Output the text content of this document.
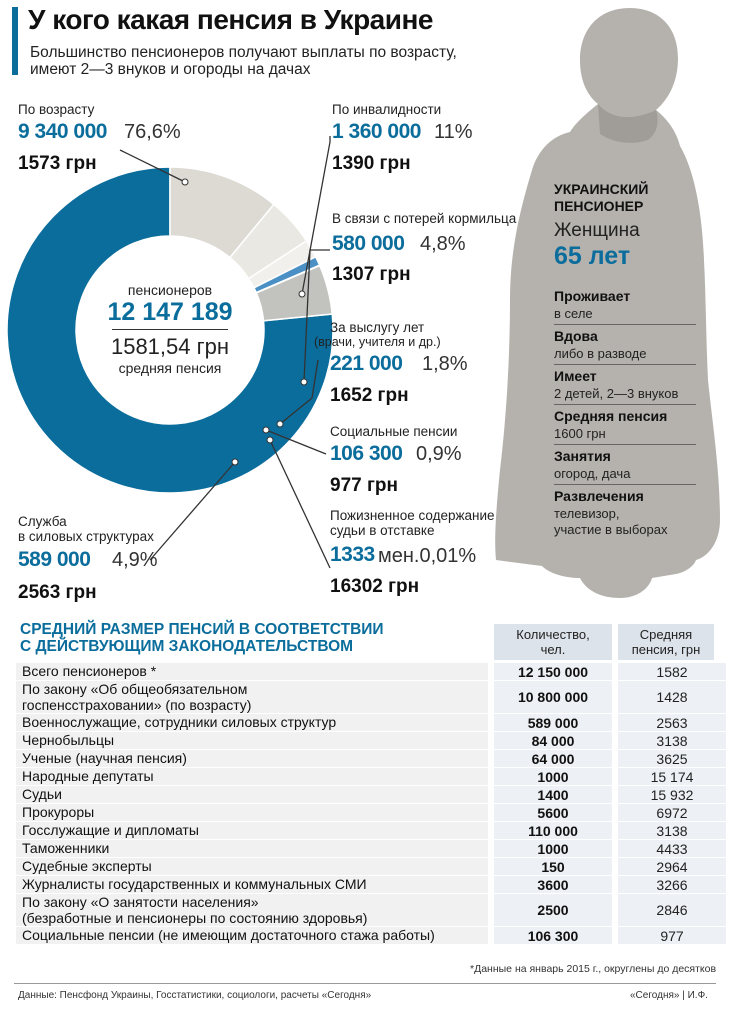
У кого какая пенсия в Украине
Большинство пенсионеров получают выплаты по возрасту, имеют 2—3 внуков и огороды на дачах
УКРАИНСКИЙ
ПЕНСИОНЕР
Женщина
65 лет
Проживает
в селе
Вдова
либо в разводе
Имеет
2 детей, 2—3 внуков
Средняя пенсия
1600 грн
Занятия
огород, дача
Развлечения
телевизор,
участие в выборах
пенсионеров
12 147 189
1581,54 грн
средняя пенсия
По возрасту
9 340 000 76,6%
1573 грн
По инвалидности
1 360 000 11%
1390 грн
В связи с потерей кормильца
580 000 4,8%
1307 грн
За выслугу лет
(врачи, учителя и др.)
221 000 1,8%
1652 грн
Социальные пенсии
106 300 0,9%
977 грн
Пожизненное содержание
судьи в отставке
1333 мен.0,01%
16302 грн
Служба
в силовых структурах
589 000 4,9%
2563 грн
СРЕДНИЙ РАЗМЕР ПЕНСИЙ В СООТВЕТСТВИИ
С ДЕЙСТВУЮЩИМ ЗАКОНОДАТЕЛЬСТВОМ
Количество,
чел.
Средняя
пенсия, грн
Всего пенсионеров *	12 150 000	1582
По закону «Об общеобязательном
госпенсстраховании» (по возрасту)	10 800 000	1428
Военнослужащие, сотрудники силовых структур	589 000	2563
Чернобыльцы	84 000	3138
Ученые (научная пенсия)	64 000	3625
Народные депутаты	1000	15 174
Судьи	1400	15 932
Прокуроры	5600	6972
Госслужащие и дипломаты	110 000	3138
Таможенники	1000	4433
Судебные эксперты	150	2964
Журналисты государственных и коммунальных СМИ	3600	3266
По закону «О занятости населения»
(безработные и пенсионеры по состоянию здоровья)	2500	2846
Социальные пенсии (не имеющим достаточного стажа работы)	106 300	977
*Данные на январь 2015 г., округлены до десятков
Данные: Пенсфонд Украины, Госстатистики, социологи, расчеты «Сегодня»	«Сегодня» | И.Ф.
